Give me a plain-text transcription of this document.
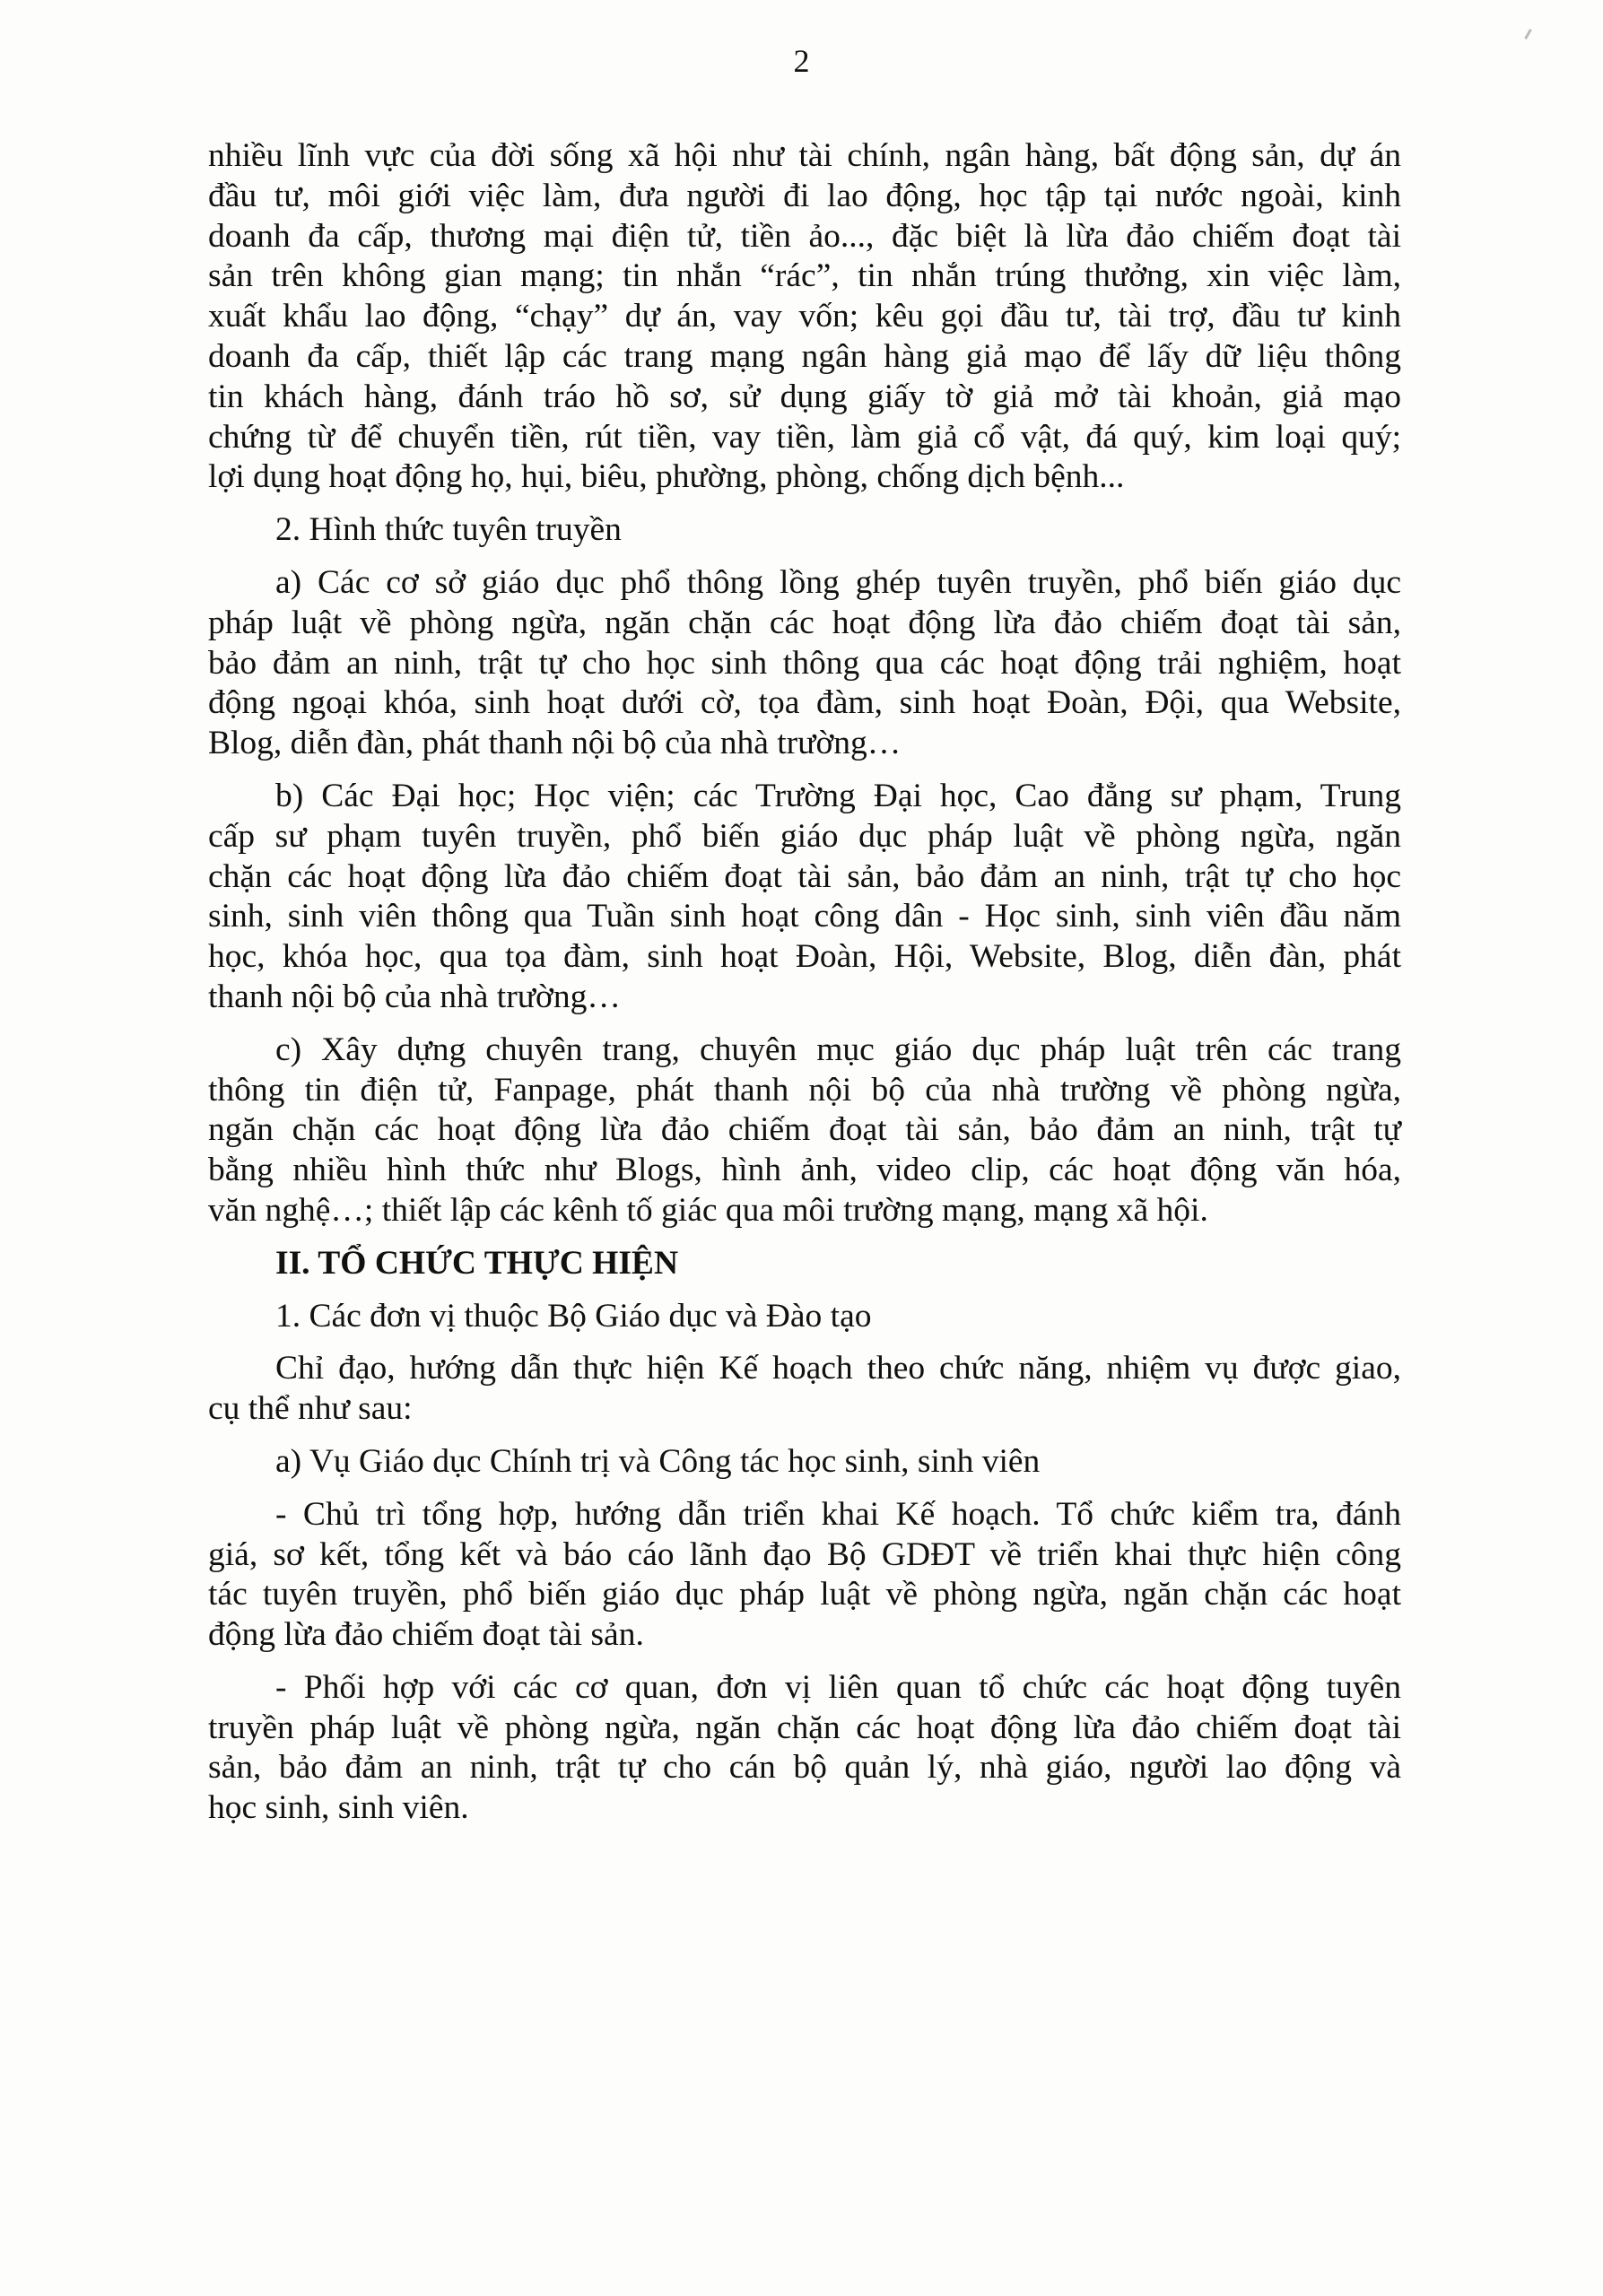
2
nhiều lĩnh vực của đời sống xã hội như tài chính, ngân hàng, bất động sản, dự án
đầu tư, môi giới việc làm, đưa người đi lao động, học tập tại nước ngoài, kinh
doanh đa cấp, thương mại điện tử, tiền ảo..., đặc biệt là lừa đảo chiếm đoạt tài
sản trên không gian mạng; tin nhắn “rác”, tin nhắn trúng thưởng, xin việc làm,
xuất khẩu lao động, “chạy” dự án, vay vốn; kêu gọi đầu tư, tài trợ, đầu tư kinh
doanh đa cấp, thiết lập các trang mạng ngân hàng giả mạo để lấy dữ liệu thông
tin khách hàng, đánh tráo hồ sơ, sử dụng giấy tờ giả mở tài khoản, giả mạo
chứng từ để chuyển tiền, rút tiền, vay tiền, làm giả cổ vật, đá quý, kim loại quý;
lợi dụng hoạt động họ, hụi, biêu, phường, phòng, chống dịch bệnh...
2. Hình thức tuyên truyền
a) Các cơ sở giáo dục phổ thông lồng ghép tuyên truyền, phổ biến giáo dục
pháp luật về phòng ngừa, ngăn chặn các hoạt động lừa đảo chiếm đoạt tài sản,
bảo đảm an ninh, trật tự cho học sinh thông qua các hoạt động trải nghiệm, hoạt
động ngoại khóa, sinh hoạt dưới cờ, tọa đàm, sinh hoạt Đoàn, Đội, qua Website,
Blog, diễn đàn, phát thanh nội bộ của nhà trường…
b) Các Đại học; Học viện; các Trường Đại học, Cao đẳng sư phạm, Trung
cấp sư phạm tuyên truyền, phổ biến giáo dục pháp luật về phòng ngừa, ngăn
chặn các hoạt động lừa đảo chiếm đoạt tài sản, bảo đảm an ninh, trật tự cho học
sinh, sinh viên thông qua Tuần sinh hoạt công dân - Học sinh, sinh viên đầu năm
học, khóa học, qua tọa đàm, sinh hoạt Đoàn, Hội, Website, Blog, diễn đàn, phát
thanh nội bộ của nhà trường…
c) Xây dựng chuyên trang, chuyên mục giáo dục pháp luật trên các trang
thông tin điện tử, Fanpage, phát thanh nội bộ của nhà trường về phòng ngừa,
ngăn chặn các hoạt động lừa đảo chiếm đoạt tài sản, bảo đảm an ninh, trật tự
bằng nhiều hình thức như Blogs, hình ảnh, video clip, các hoạt động văn hóa,
văn nghệ…; thiết lập các kênh tố giác qua môi trường mạng, mạng xã hội.
II. TỔ CHỨC THỰC HIỆN
1. Các đơn vị thuộc Bộ Giáo dục và Đào tạo
Chỉ đạo, hướng dẫn thực hiện Kế hoạch theo chức năng, nhiệm vụ được giao,
cụ thể như sau:
a) Vụ Giáo dục Chính trị và Công tác học sinh, sinh viên
- Chủ trì tổng hợp, hướng dẫn triển khai Kế hoạch. Tổ chức kiểm tra, đánh
giá, sơ kết, tổng kết và báo cáo lãnh đạo Bộ GDĐT về triển khai thực hiện công
tác tuyên truyền, phổ biến giáo dục pháp luật về phòng ngừa, ngăn chặn các hoạt
động lừa đảo chiếm đoạt tài sản.
- Phối hợp với các cơ quan, đơn vị liên quan tổ chức các hoạt động tuyên
truyền pháp luật về phòng ngừa, ngăn chặn các hoạt động lừa đảo chiếm đoạt tài
sản, bảo đảm an ninh, trật tự cho cán bộ quản lý, nhà giáo, người lao động và
học sinh, sinh viên.
